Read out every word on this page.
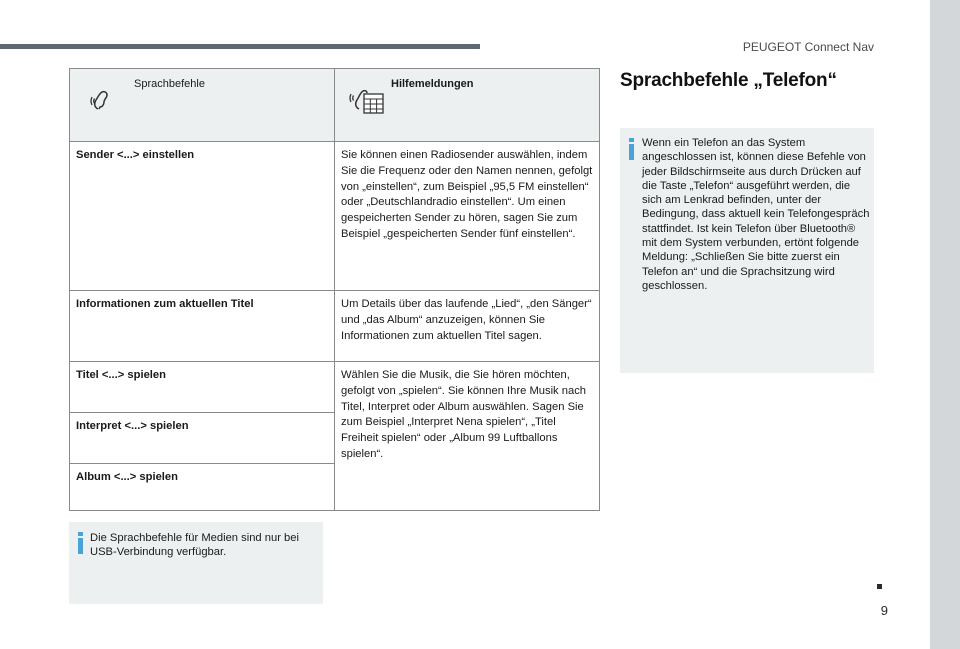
PEUGEOT Connect Nav
Sprachbefehle	Hilfemeldungen

Sender <...> einstellen	Sie können einen Radiosender auswählen, indem Sie die Frequenz oder den Namen nennen, gefolgt von „einstellen“, zum Beispiel „95,5 FM einstellen“ oder „Deutschlandradio einstellen“. Um einen gespeicherten Sender zu hören, sagen Sie zum Beispiel „gespeicherten Sender fünf einstellen“.
Informationen zum aktuellen Titel	Um Details über das laufende „Lied“, „den Sänger“ und „das Album“ anzuzeigen, können Sie Informationen zum aktuellen Titel sagen.
Titel <...> spielen	Wählen Sie die Musik, die Sie hören möchten, gefolgt von „spielen“. Sie können Ihre Musik nach Titel, Interpret oder Album auswählen. Sagen Sie zum Beispiel „Interpret Nena spielen“, „Titel Freiheit spielen“ oder „Album 99 Luftballons spielen“.
Interpret <...> spielen	
Album <...> spielen	
Die Sprachbefehle für Medien sind nur bei USB-Verbindung verfügbar.
Sprachbefehle „Telefon“
Wenn ein Telefon an das System angeschlossen ist, können diese Befehle von jeder Bildschirmseite aus durch Drücken auf die Taste „Telefon“ ausgeführt werden, die sich am Lenkrad befinden, unter der Bedingung, dass aktuell kein Telefongespräch stattfindet. Ist kein Telefon über Bluetooth® mit dem System verbunden, ertönt folgende Meldung: „Schließen Sie bitte zuerst ein Telefon an“ und die Sprachsitzung wird geschlossen.
9
